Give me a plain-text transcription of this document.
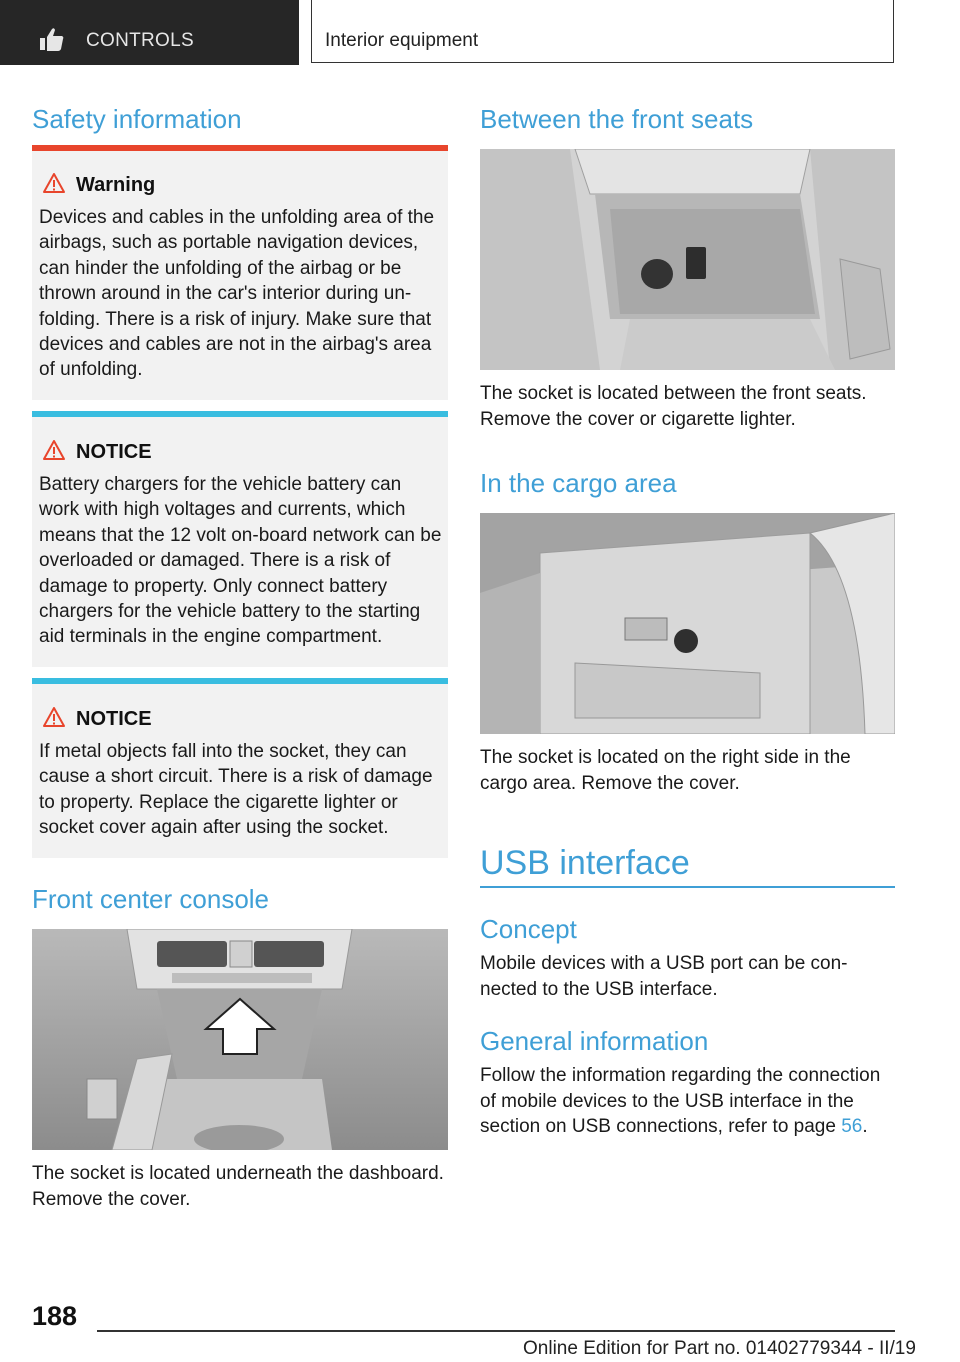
CONTROLS	Interior equipment
Safety information
Warning
Devices and cables in the unfolding area of the airbags, such as portable navigation devices, can hinder the unfolding of the airbag or be thrown around in the car's interior during un-folding. There is a risk of injury. Make sure that devices and cables are not in the airbag's area of unfolding.
NOTICE
Battery chargers for the vehicle battery can work with high voltages and currents, which means that the 12 volt on-board network can be overloaded or damaged. There is a risk of damage to property. Only connect battery chargers for the vehicle battery to the starting aid terminals in the engine compartment.
NOTICE
If metal objects fall into the socket, they can cause a short circuit. There is a risk of damage to property. Replace the cigarette lighter or socket cover again after using the socket.
Front center console
The socket is located underneath the dashboard. Remove the cover.
Between the front seats
The socket is located between the front seats. Remove the cover or cigarette lighter.
In the cargo area
The socket is located on the right side in the cargo area. Remove the cover.
USB interface
Concept
Mobile devices with a USB port can be con-nected to the USB interface.
General information
Follow the information regarding the connection of mobile devices to the USB interface in the section on USB connections, refer to page 56.
188
Online Edition for Part no. 01402779344 - II/19
